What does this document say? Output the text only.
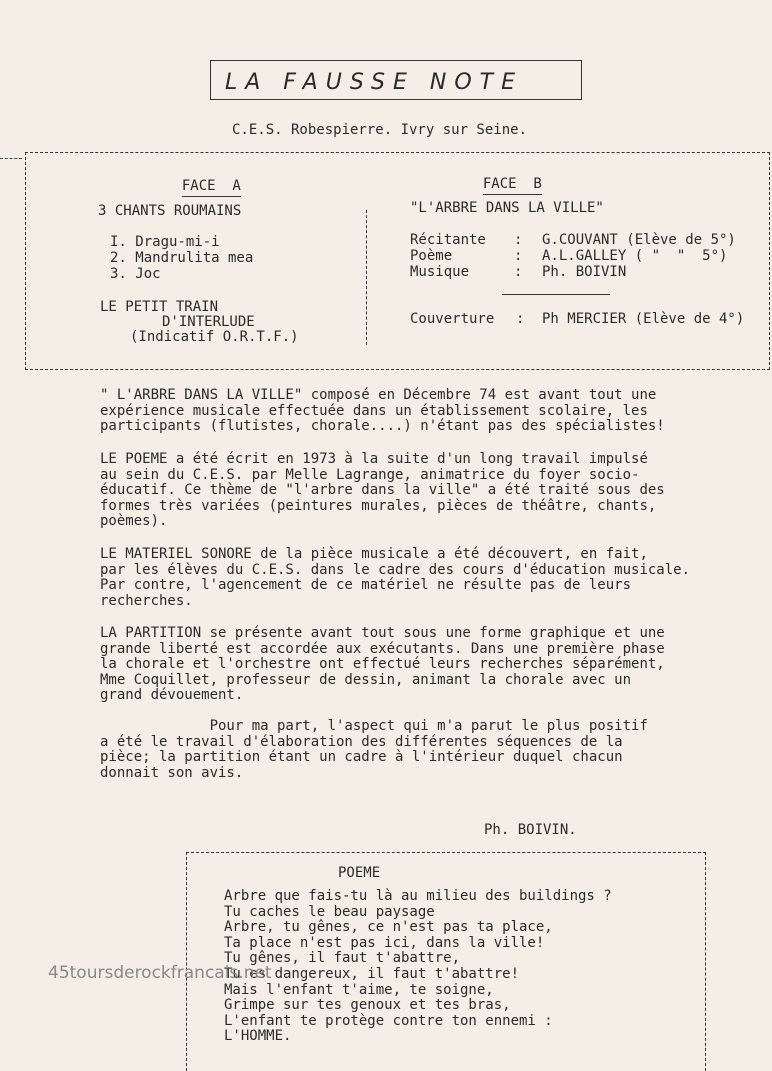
LA FAUSSE NOTE
C.E.S. Robespierre. Ivry sur Seine.

FACE  A

3 CHANTS ROUMAINS
I. Dragu-mi-i
2. Mandrulita mea
3. Joc
LE PETIT TRAIN
D'INTERLUDE
(Indicatif O.R.T.F.)

FACE  B

"L'ARBRE DANS LA VILLE"
Récitante : G.COUVANT (Elève de 5°)
Poème	: A.L.GALLEY ( "  "  5°)
Musique	: Ph. BOIVIN
Couverture : Ph MERCIER (Elève de 4°)
" L'ARBRE DANS LA VILLE" composé en Décembre 74 est avant tout une
expérience musicale effectuée dans un établissement scolaire, les
participants (flutistes, chorale....) n'étant pas des spécialistes!
LE POEME a été écrit en 1973 à la suite d'un long travail impulsé
au sein du C.E.S. par Melle Lagrange, animatrice du foyer socio-
éducatif. Ce thème de "l'arbre dans la ville" a été traité sous des
formes très variées (peintures murales, pièces de théâtre, chants,
poèmes).
LE MATERIEL SONORE de la pièce musicale a été découvert, en fait,
par les élèves du C.E.S. dans le cadre des cours d'éducation musicale.
Par contre, l'agencement de ce matériel ne résulte pas de leurs
recherches.
LA PARTITION se présente avant tout sous une forme graphique et une
grande liberté est accordée aux exécutants. Dans une première phase
la chorale et l'orchestre ont effectué leurs recherches séparément,
Mme Coquillet, professeur de dessin, animant la chorale avec un
grand dévouement.
Pour ma part, l'aspect qui m'a parut le plus positif
a été le travail d'élaboration des différentes séquences de la
pièce; la partition étant un cadre à l'intérieur duquel chacun
donnait son avis.
Ph. BOIVIN.
POEME
Arbre que fais-tu là au milieu des buildings ?
Tu caches le beau paysage
Arbre, tu gênes, ce n'est pas ta place,
Ta place n'est pas ici, dans la ville!
Tu gênes, il faut t'abattre,
Tu es dangereux, il faut t'abattre!
Mais l'enfant t'aime, te soigne,
Grimpe sur tes genoux et tes bras,
L'enfant te protège contre ton ennemi :
L'HOMME.
45toursderockfrancais.net
